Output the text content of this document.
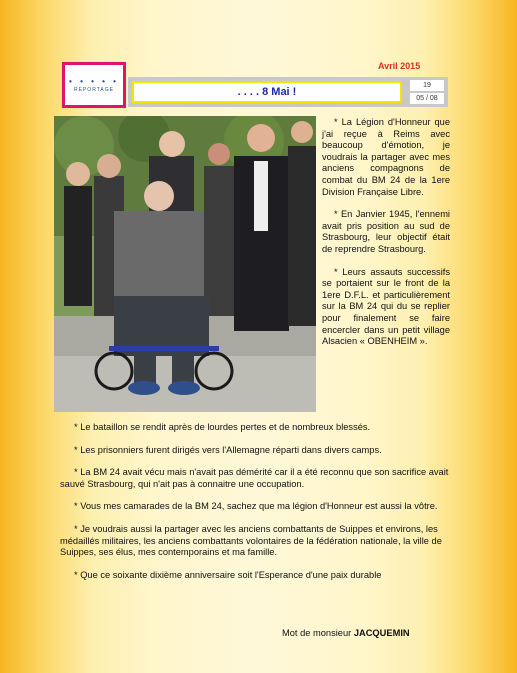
Avril 2015
• • • • •
REPORTAGE	. . . . 8 Mai !
19
05 / 08

* La Légion d'Honneur que j'ai reçue à Reims avec beaucoup d'émotion, je voudrais la partager avec mes anciens compagnons de combat du BM 24 de la 1ere Division Française Libre.

* En Janvier 1945, l'ennemi avait pris position au sud de Strasbourg, leur objectif était de reprendre Strasbourg.

* Leurs assauts successifs se portaient sur le front de la 1ere D.F.L. et particulièrement sur la BM 24 qui du se replier pour finalement se faire encercler dans un petit village Alsacien « OBENHEIM ».

* Le bataillon se rendit après de lourdes pertes et de nombreux blessés.

* Les prisonniers furent dirigés vers l'Allemagne réparti dans divers camps.

* La BM 24 avait vécu mais n'avait pas démérité car il a été reconnu que son sacrifice avait sauvé Strasbourg, qui n'ait pas à connaitre une occupation.

* Vous mes camarades de la BM 24, sachez que ma légion d'Honneur est aussi la vôtre.

* Je voudrais aussi la partager avec les anciens combattants de Suippes et environs, les médaillés militaires, les anciens combattants volontaires de la fédération nationale, la ville de Suippes, ses élus, mes contemporains et ma famille.

* Que ce soixante dixième anniversaire soit l'Esperance d'une paix durable

Mot de monsieur JACQUEMIN
